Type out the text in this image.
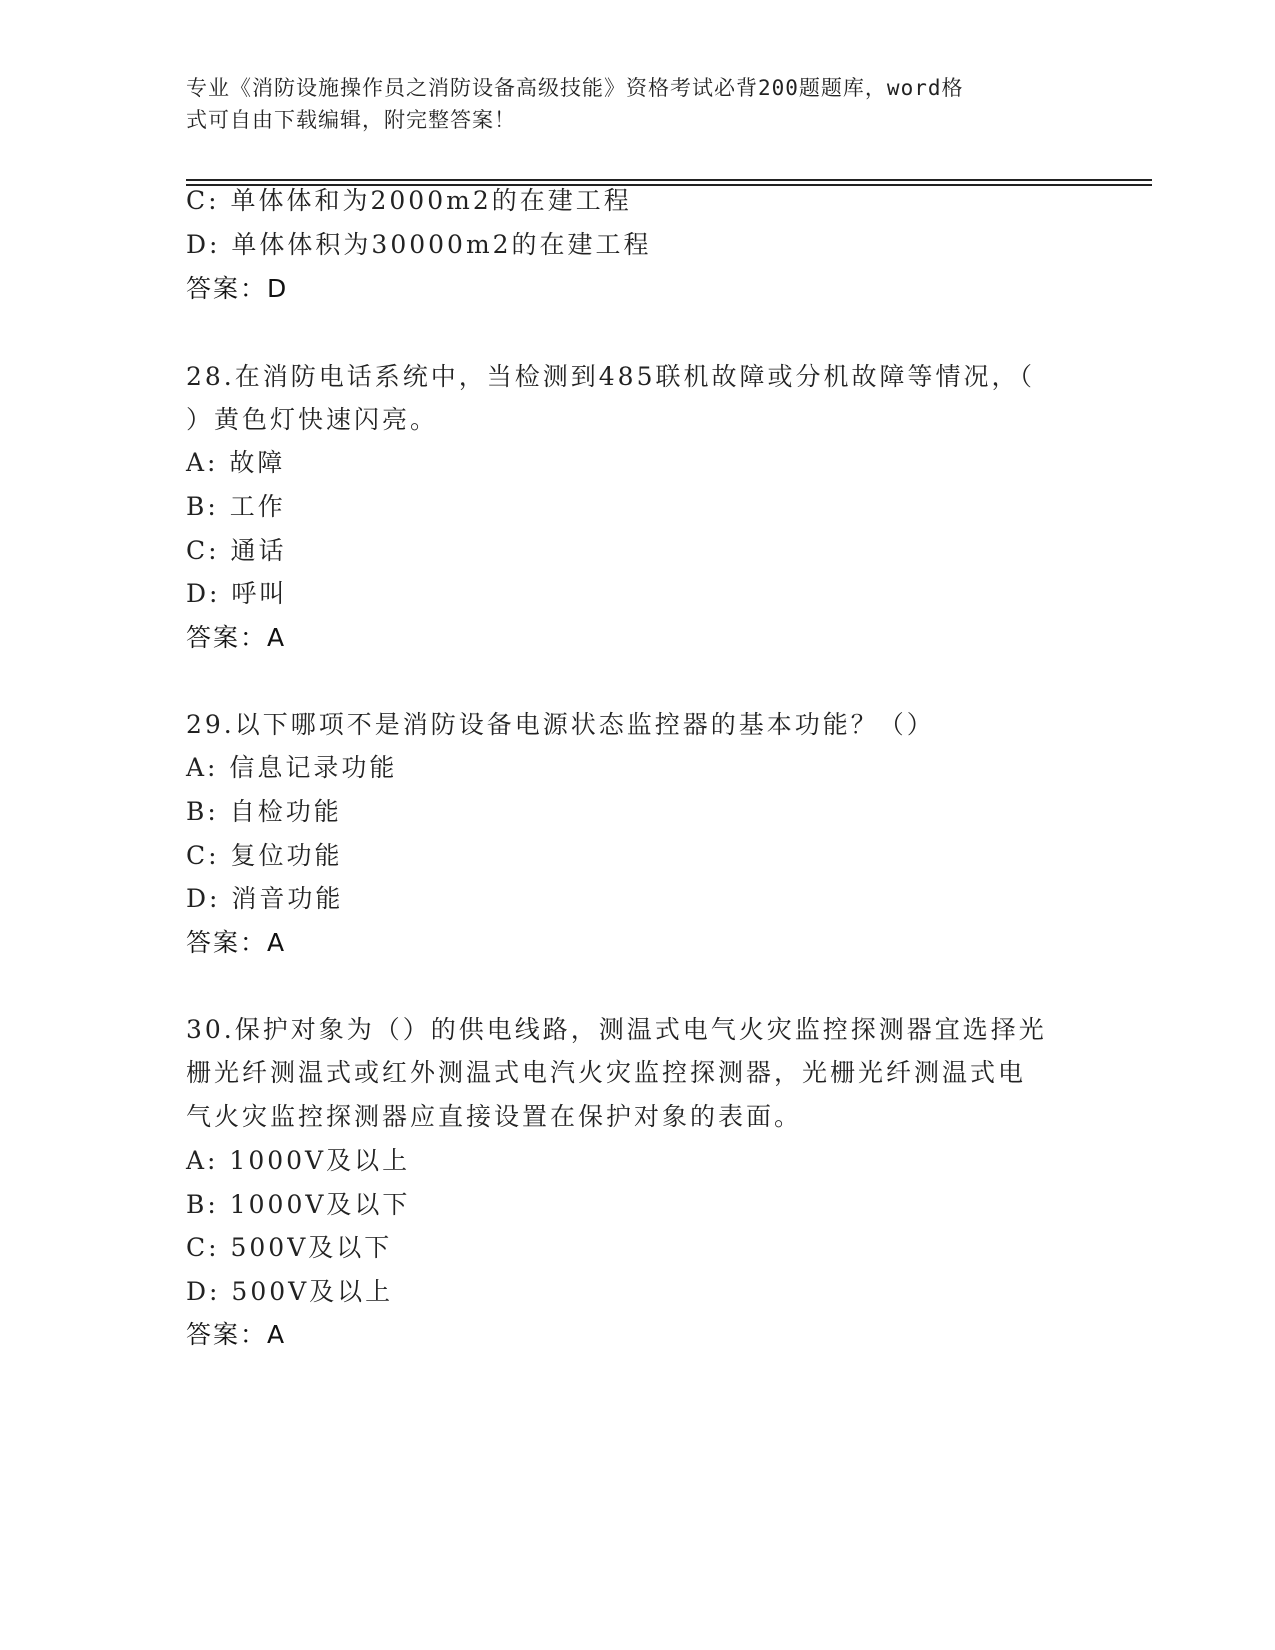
专业《消防设施操作员之消防设备高级技能》资格考试必背200题题库，word格
式可自由下载编辑，附完整答案！
C: 单体体和为2000m2的在建工程
D: 单体体积为30000m2的在建工程
答案：D
28.在消防电话系统中，当检测到485联机故障或分机故障等情况，（
）黄色灯快速闪亮。
A: 故障
B: 工作
C: 通话
D: 呼叫
答案：A
29.以下哪项不是消防设备电源状态监控器的基本功能？（）
A: 信息记录功能
B: 自检功能
C: 复位功能
D: 消音功能
答案：A
30.保护对象为（）的供电线路，测温式电气火灾监控探测器宜选择光
栅光纤测温式或红外测温式电汽火灾监控探测器，光栅光纤测温式电
气火灾监控探测器应直接设置在保护对象的表面。
A: 1000V及以上
B: 1000V及以下
C: 500V及以下
D: 500V及以上
答案：A
